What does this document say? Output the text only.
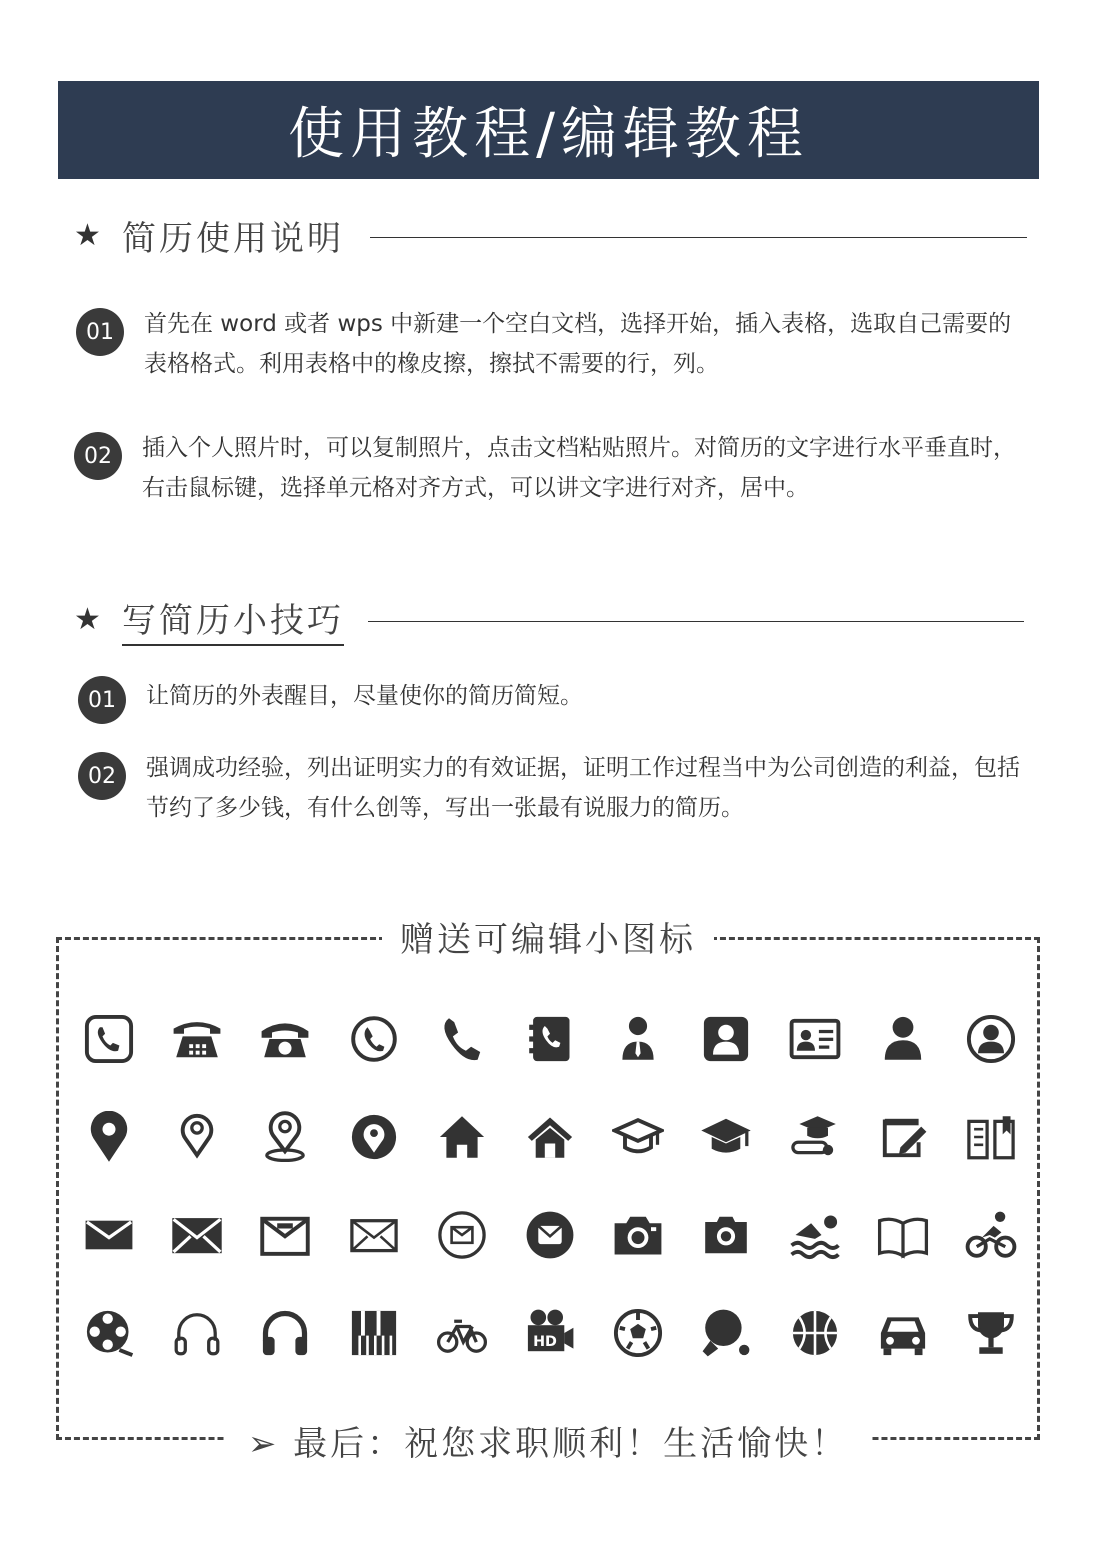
使用教程/编辑教程
★ 简历使用说明
01	首先在 word 或者 wps 中新建一个空白文档，选择开始，插入表格，选取自己需要的表格格式。利用表格中的橡皮擦，擦拭不需要的行，列。
02	插入个人照片时，可以复制照片，点击文档粘贴照片。对简历的文字进行水平垂直时，右击鼠标键，选择单元格对齐方式，可以讲文字进行对齐，居中。
★ 写简历小技巧
01	让简历的外表醒目，尽量使你的简历简短。
02	强调成功经验，列出证明实力的有效证据，证明工作过程当中为公司创造的利益，包括节约了多少钱，有什么创等，写出一张最有说服力的简历。
赠送可编辑小图标
HD
➢ 最后：祝您求职顺利！生活愉快！
